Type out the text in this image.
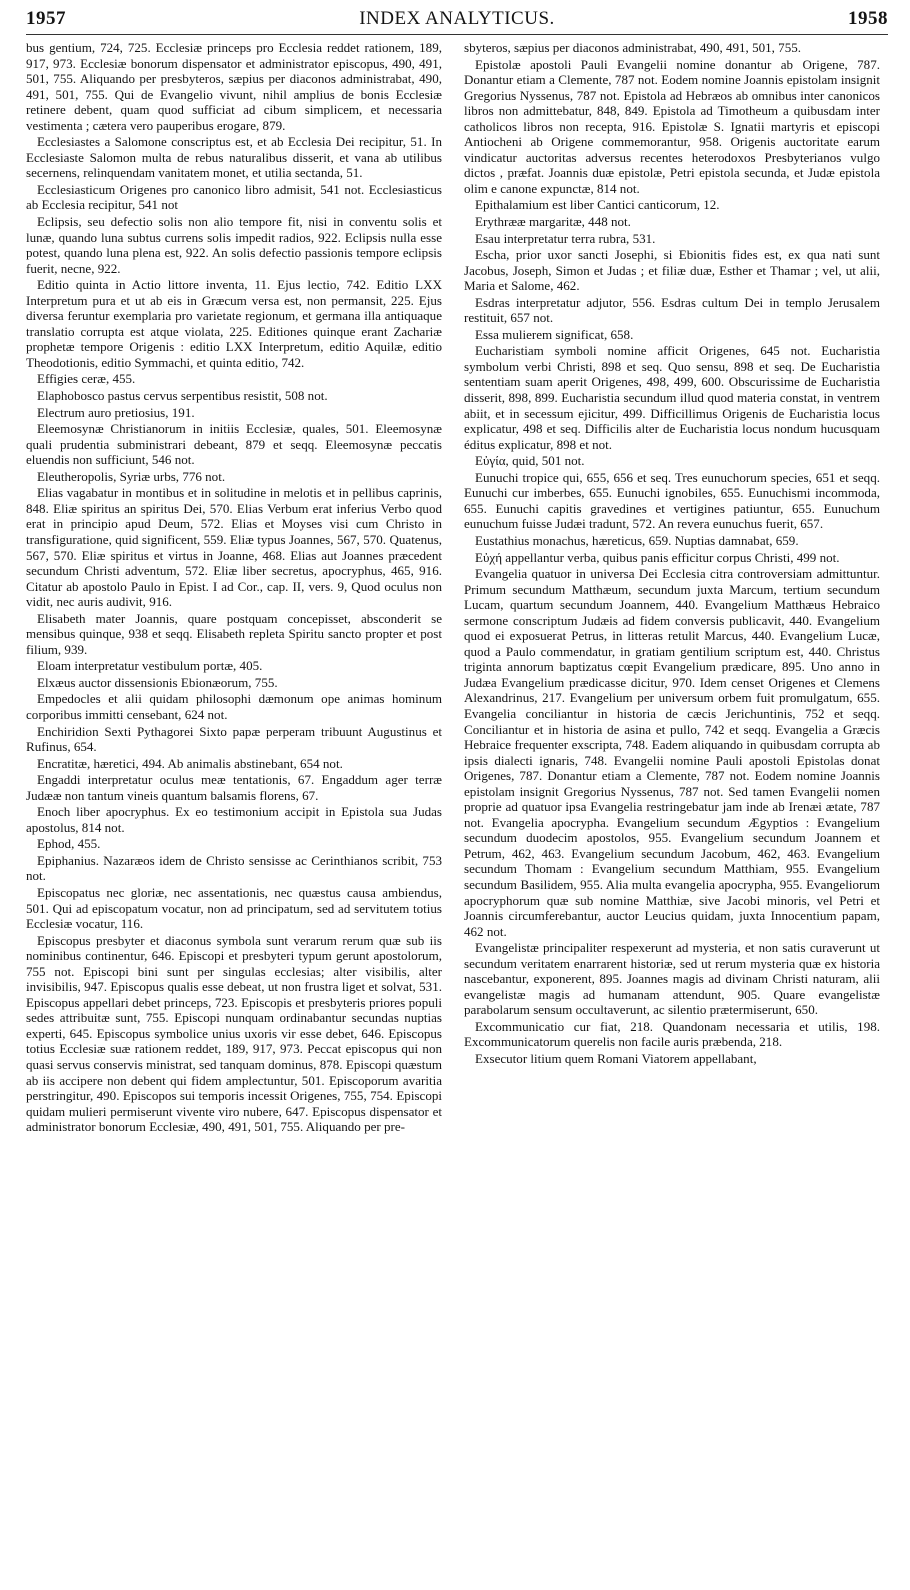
1957	INDEX ANALYTICUS.	1958

bus gentium, 724, 725. Ecclesiæ princeps pro Ecclesia reddet rationem, 189, 917, 973. Ecclesiæ bonorum dispensator et administrator episcopus, 490, 491, 501, 755. Aliquando per presbyteros, sæpius per diaconos administrabat, 490, 491, 501, 755. Qui de Evangelio vivunt, nihil amplius de bonis Ecclesiæ retinere debent, quam quod sufficiat ad cibum simplicem, et necessaria vestimenta ; cætera vero pauperibus erogare, 879.

Ecclesiastes a Salomone conscriptus est, et ab Ecclesia Dei recipitur, 51. In Ecclesiaste Salomon multa de rebus naturalibus disserit, et vana ab utilibus secernens, relinquendam vanitatem monet, et utilia sectanda, 51.

Ecclesiasticum Origenes pro canonico libro admisit, 541 not. Ecclesiasticus ab Ecclesia recipitur, 541 not

Eclipsis, seu defectio solis non alio tempore fit, nisi in conventu solis et lunæ, quando luna subtus currens solis impedit radios, 922. Eclipsis nulla esse potest, quando luna plena est, 922. An solis defectio passionis tempore eclipsis fuerit, necne, 922.

Editio quinta in Actio littore inventa, 11. Ejus lectio, 742. Editio LXX Interpretum pura et ut ab eis in Græcum versa est, non permansit, 225. Ejus diversa feruntur exemplaria pro varietate regionum, et germana illa antiquaque translatio corrupta est atque violata, 225. Editiones quinque erant Zachariæ prophetæ tempore Origenis : editio LXX Interpretum, editio Aquilæ, editio Theodotionis, editio Symmachi, et quinta editio, 742.

Effigies ceræ, 455.

Elaphobosco pastus cervus serpentibus resistit, 508 not.

Electrum auro pretiosius, 191.

Eleemosynæ Christianorum in initiis Ecclesiæ, quales, 501. Eleemosynæ quali prudentia subministrari debeant, 879 et seqq. Eleemosynæ peccatis eluendis non sufficiunt, 546 not.

Eleutheropolis, Syriæ urbs, 776 not.

Elias vagabatur in montibus et in solitudine in melotis et in pellibus caprinis, 848. Eliæ spiritus an spiritus Dei, 570. Elias Verbum erat inferius Verbo quod erat in principio apud Deum, 572. Elias et Moyses visi cum Christo in transfiguratione, quid significent, 559. Eliæ typus Joannes, 567, 570. Quatenus, 567, 570. Eliæ spiritus et virtus in Joanne, 468. Elias aut Joannes præcedent secundum Christi adventum, 572. Eliæ liber secretus, apocryphus, 465, 916. Citatur ab apostolo Paulo in Epist. I ad Cor., cap. II, vers. 9, Quod oculus non vidit, nec auris audivit, 916.

Elisabeth mater Joannis, quare postquam concepisset, absconderit se mensibus quinque, 938 et seqq. Elisabeth repleta Spiritu sancto propter et post filium, 939.

Eloam interpretatur vestibulum portæ, 405.

Elxæus auctor dissensionis Ebionæorum, 755.

Empedocles et alii quidam philosophi dæmonum ope animas hominum corporibus immitti censebant, 624 not.

Enchiridion Sexti Pythagorei Sixto papæ perperam tribuunt Augustinus et Rufinus, 654.

Encratitæ, hæretici, 494. Ab animalis abstinebant, 654 not.

Engaddi interpretatur oculus meæ tentationis, 67. Engaddum ager terræ Judææ non tantum vineis quantum balsamis florens, 67.

Enoch liber apocryphus. Ex eo testimonium accipit in Epistola sua Judas apostolus, 814 not.

Ephod, 455.

Epiphanius. Nazaræos idem de Christo sensisse ac Cerinthianos scribit, 753 not.

Episcopatus nec gloriæ, nec assentationis, nec quæstus causa ambiendus, 501. Qui ad episcopatum vocatur, non ad principatum, sed ad servitutem totius Ecclesiæ vocatur, 116.

Episcopus presbyter et diaconus symbola sunt verarum rerum quæ sub iis nominibus continentur, 646. Episcopi et presbyteri typum gerunt apostolorum, 755 not. Episcopi bini sunt per singulas ecclesias; alter visibilis, alter invisibilis, 947. Episcopus qualis esse debeat, ut non frustra liget et solvat, 531. Episcopus appellari debet princeps, 723. Episcopis et presbyteris priores populi sedes attribuitæ sunt, 755. Episcopi nunquam ordinabantur secundas nuptias experti, 645. Episcopus symbolice unius uxoris vir esse debet, 646. Episcopus totius Ecclesiæ suæ rationem reddet, 189, 917, 973. Peccat episcopus qui non quasi servus conservis ministrat, sed tanquam dominus, 878. Episcopi quæstum ab iis accipere non debent qui fidem amplectuntur, 501. Episcoporum avaritia perstringitur, 490. Episcopos sui temporis incessit Origenes, 755, 754. Episcopi quidam mulieri permiserunt vivente viro nubere, 647. Episcopus dispensator et administrator bonorum Ecclesiæ, 490, 491, 501, 755. Aliquando per pre-

sbyteros, sæpius per diaconos administrabat, 490, 491, 501, 755.

Epistolæ apostoli Pauli Evangelii nomine donantur ab Origene, 787. Donantur etiam a Clemente, 787 not. Eodem nomine Joannis epistolam insignit Gregorius Nyssenus, 787 not. Epistola ad Hebræos ab omnibus inter canonicos libros non admittebatur, 848, 849. Epistola ad Timotheum a quibusdam inter catholicos libros non recepta, 916. Epistolæ S. Ignatii martyris et episcopi Antiocheni ab Origene commemorantur, 958. Origenis auctoritate earum vindicatur auctoritas adversus recentes heterodoxos Presbyterianos vulgo dictos , præfat. Joannis duæ epistolæ, Petri epistola secunda, et Judæ epistola olim e canone expunctæ, 814 not.

Epithalamium est liber Cantici canticorum, 12.

Erythrææ margaritæ, 448 not.

Esau interpretatur terra rubra, 531.

Escha, prior uxor sancti Josephi, si Ebionitis fides est, ex qua nati sunt Jacobus, Joseph, Simon et Judas ; et filiæ duæ, Esther et Thamar ; vel, ut alii, Maria et Salome, 462.

Esdras interpretatur adjutor, 556. Esdras cultum Dei in templo Jerusalem restituit, 657 not.

Essa mulierem significat, 658.

Eucharistiam symboli nomine afficit Origenes, 645 not. Eucharistia symbolum verbi Christi, 898 et seq. Quo sensu, 898 et seq. De Eucharistia sententiam suam aperit Origenes, 498, 499, 600. Obscurissime de Eucharistia disserit, 898, 899. Eucharistia secundum illud quod materia constat, in ventrem abiit, et in secessum ejicitur, 499. Difficillimus Origenis de Eucharistia locus explicatur, 498 et seq. Difficilis alter de Eucharistia locus nondum hucusquam éditus explicatur, 898 et not.

Εὐγία, quid, 501 not.

Eunuchi tropice qui, 655, 656 et seq. Tres eunuchorum species, 651 et seqq. Eunuchi cur imberbes, 655. Eunuchi ignobiles, 655. Eunuchismi incommoda, 655. Eunuchi capitis gravedines et vertigines patiuntur, 655. Eunuchum eunuchum fuisse Judæi tradunt, 572. An revera eunuchus fuerit, 657.

Eustathius monachus, hæreticus, 659. Nuptias damnabat, 659.

Εὐχή appellantur verba, quibus panis efficitur corpus Christi, 499 not.

Evangelia quatuor in universa Dei Ecclesia citra controversiam admittuntur. Primum secundum Matthæum, secundum juxta Marcum, tertium secundum Lucam, quartum secundum Joannem, 440. Evangelium Matthæus Hebraico sermone conscriptum Judæis ad fidem conversis publicavit, 440. Evangelium quod ei exposuerat Petrus, in litteras retulit Marcus, 440. Evangelium Lucæ, quod a Paulo commendatur, in gratiam gentilium scriptum est, 440. Christus triginta annorum baptizatus cœpit Evangelium prædicare, 895. Uno anno in Judæa Evangelium prædicasse dicitur, 970. Idem censet Origenes et Clemens Alexandrinus, 217. Evangelium per universum orbem fuit promulgatum, 655. Evangelia conciliantur in historia de cæcis Jerichuntinis, 752 et seqq. Conciliantur et in historia de asina et pullo, 742 et seqq. Evangelia a Græcis Hebraice frequenter exscripta, 748. Eadem aliquando in quibusdam corrupta ab ipsis dialecti ignaris, 748. Evangelii nomine Pauli apostoli Epistolas donat Origenes, 787. Donantur etiam a Clemente, 787 not. Eodem nomine Joannis epistolam insignit Gregorius Nyssenus, 787 not. Sed tamen Evangelii nomen proprie ad quatuor ipsa Evangelia restringebatur jam inde ab Irenæi ætate, 787 not. Evangelia apocrypha. Evangelium secundum Ægyptios : Evangelium secundum duodecim apostolos, 955. Evangelium secundum Joannem et Petrum, 462, 463. Evangelium secundum Jacobum, 462, 463. Evangelium secundum Thomam : Evangelium secundum Matthiam, 955. Evangelium secundum Basilidem, 955. Alia multa evangelia apocrypha, 955. Evangeliorum apocryphorum quæ sub nomine Matthiæ, sive Jacobi minoris, vel Petri et Joannis circumferebantur, auctor Leucius quidam, juxta Innocentium papam, 462 not.

Evangelistæ principaliter respexerunt ad mysteria, et non satis curaverunt ut secundum veritatem enarrarent historiæ, sed ut rerum mysteria quæ ex historia nascebantur, exponerent, 895. Joannes magis ad divinam Christi naturam, alii evangelistæ magis ad humanam attendunt, 905. Quare evangelistæ parabolarum sensum occultaverunt, ac silentio prætermiserunt, 650.

Excommunicatio cur fiat, 218. Quandonam necessaria et utilis, 198. Excommunicatorum querelis non facile auris præbenda, 218.

Exsecutor litium quem Romani Viatorem appellabant,
